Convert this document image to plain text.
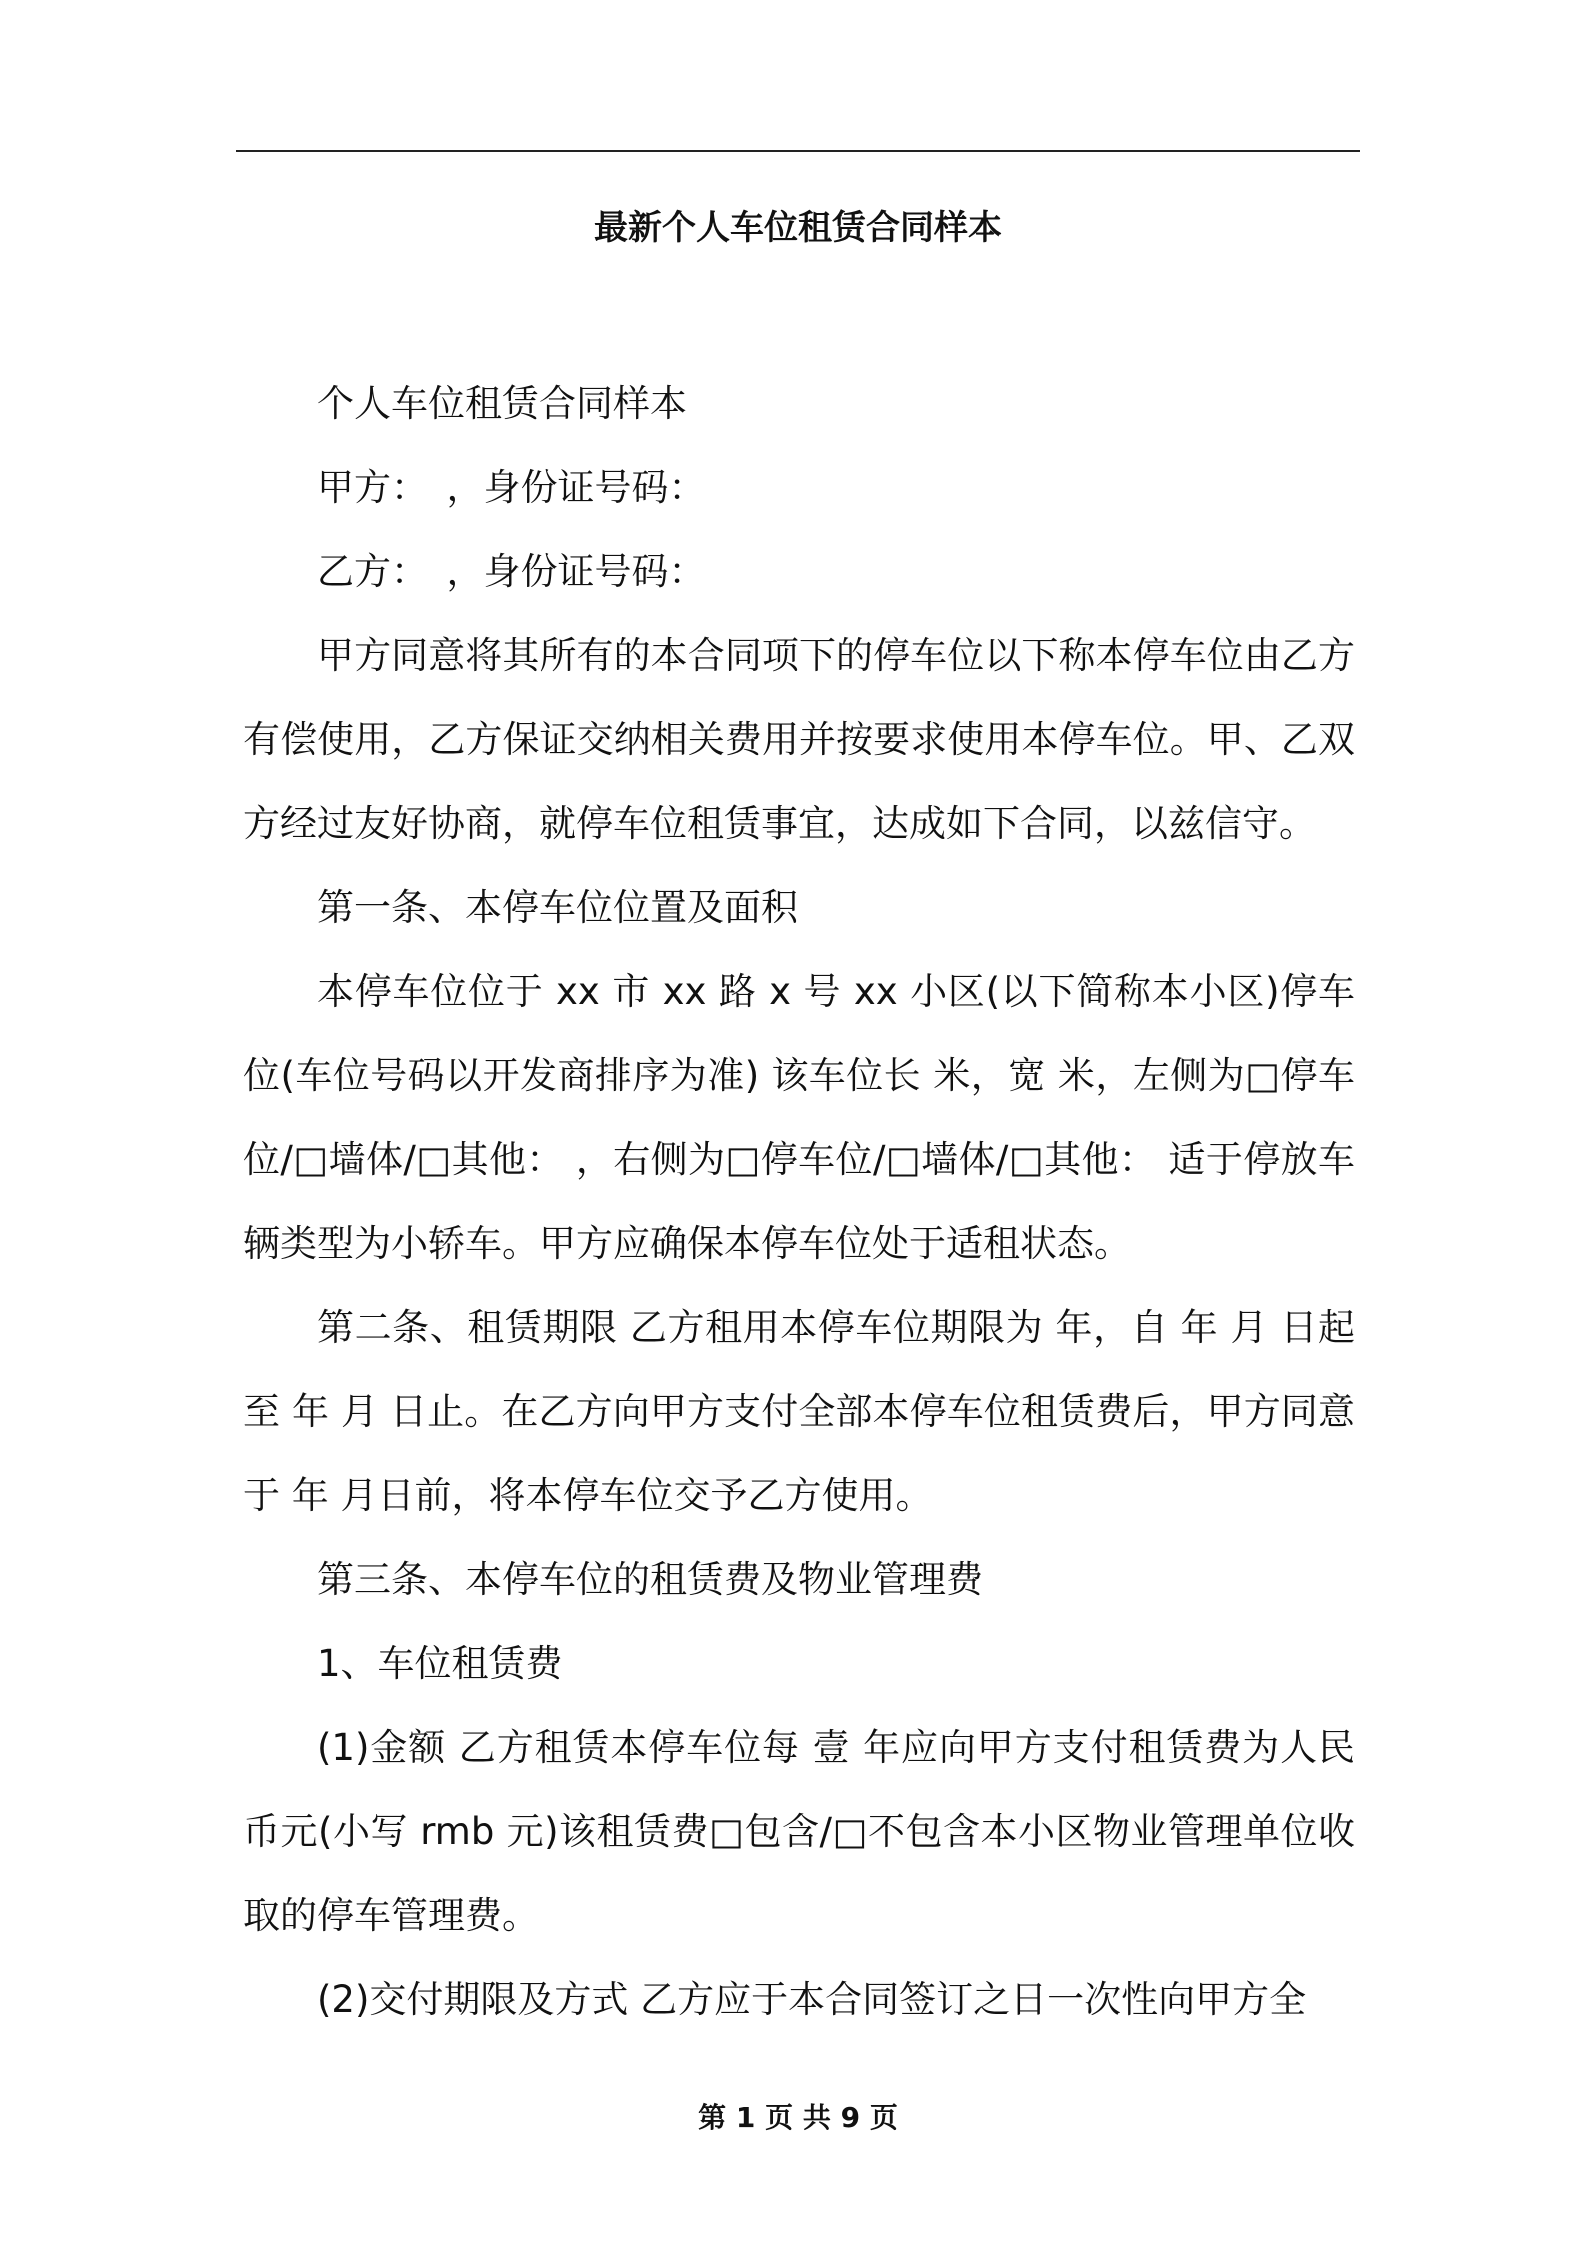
最新个人车位租赁合同样本

个人车位租赁合同样本

甲方：　，身份证号码：

乙方：　，身份证号码：

甲方同意将其所有的本合同项下的停车位以下称本停车位由乙方有偿使用，乙方保证交纳相关费用并按要求使用本停车位。甲、乙双方经过友好协商，就停车位租赁事宜，达成如下合同，以兹信守。

第一条、本停车位位置及面积

本停车位位于 xx 市 xx 路 x 号 xx 小区(以下简称本小区)停车位(车位号码以开发商排序为准) 该车位长 米，宽 米，左侧为□停车位/□墙体/□其他： ，右侧为□停车位/□墙体/□其他： 适于停放车辆类型为小轿车。甲方应确保本停车位处于适租状态。

第二条、租赁期限 乙方租用本停车位期限为 年，自 年 月 日起至 年 月 日止。在乙方向甲方支付全部本停车位租赁费后，甲方同意于 年 月日前，将本停车位交予乙方使用。

第三条、本停车位的租赁费及物业管理费

1、车位租赁费

(1)金额 乙方租赁本停车位每 壹 年应向甲方支付租赁费为人民币元(小写 rmb 元)该租赁费□包含/□不包含本小区物业管理单位收取的停车管理费。

(2)交付期限及方式 乙方应于本合同签订之日一次性向甲方全

第 1 页 共 9 页
